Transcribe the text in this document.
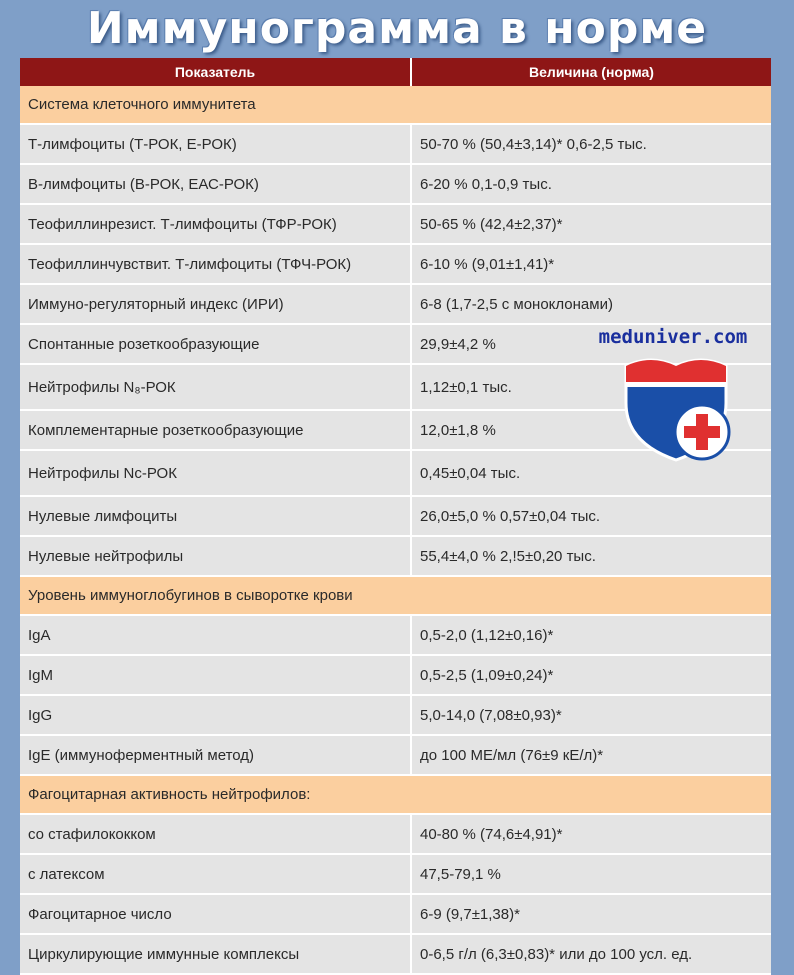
Иммунограмма в норме
Показатель	Величина (норма)
Система клеточного иммунитета	
Т-лимфоциты (Т-РОК, Е-РОК)	50-70 % (50,4±3,14)* 0,6-2,5 тыс.
В-лимфоциты (В-РОК, ЕАС-РОК)	6-20 % 0,1-0,9 тыс.
Теофиллинрезист. Т-лимфоциты (ТФР-РОК)	50-65 % (42,4±2,37)*
Теофиллинчувствит. Т-лимфоциты (ТФЧ-РОК)	6-10 % (9,01±1,41)*
Иммуно-регуляторный индекс (ИРИ)	6-8 (1,7-2,5 с моноклонами)
Спонтанные розеткообразующие	29,9±4,2 %
Нейтрофилы N₈-РОК	1,12±0,1 тыс.
Комплементарные розеткообразующие	12,0±1,8 %
Нейтрофилы Nс-РОК	0,45±0,04 тыс.
Нулевые лимфоциты	26,0±5,0 % 0,57±0,04 тыс.
Нулевые нейтрофилы	55,4±4,0 % 2,!5±0,20 тыс.
Уровень иммуноглобугинов в сыворотке крови	
IgA	0,5-2,0 (1,12±0,16)*
IgM	0,5-2,5 (1,09±0,24)*
IgG	5,0-14,0 (7,08±0,93)*
IgE (иммуноферментный метод)	до 100 МЕ/мл (76±9 кЕ/л)*
Фагоцитарная активность нейтрофилов:	
со стафилококком	40-80 % (74,6±4,91)*
с латексом	47,5-79,1 %
Фагоцитарное число	6-9 (9,7±1,38)*
Циркулирующие иммунные комплексы	0-6,5 г/л (6,3±0,83)* или до 100 усл. ед.
meduniver.com
